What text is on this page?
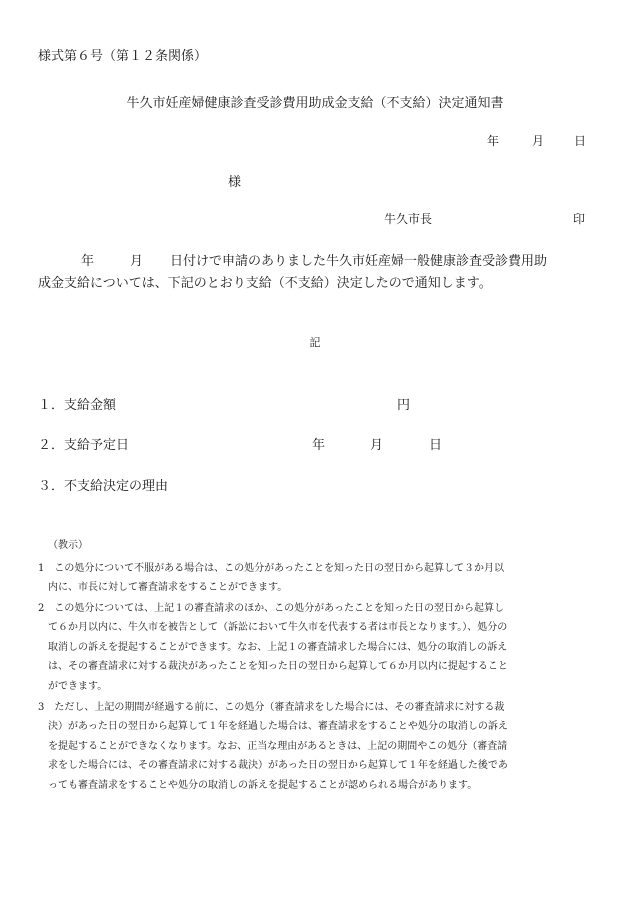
様式第６号（第１２条関係）
牛久市妊産婦健康診査受診費用助成金支給（不支給）決定通知書
年	月 日
様
牛久市長	印
年	月 日付けで申請のありました牛久市妊産婦一般健康診査受診費用助
成金支給については、下記のとおり支給（不支給）決定したので通知します。
記
１．支給金額	円
２．支給予定日	年	月	日
３．不支給決定の理由
（教示）
1　この処分について不服がある場合は、この処分があったことを知った日の翌日から起算して３か月以
内に、市長に対して審査請求をすることができます。
2　この処分については、上記１の審査請求のほか、この処分があったことを知った日の翌日から起算し
て６か月以内に、牛久市を被告として（訴訟において牛久市を代表する者は市長となります。）、処分の
取消しの訴えを提起することができます。なお、上記１の審査請求した場合には、処分の取消しの訴え
は、その審査請求に対する裁決があったことを知った日の翌日から起算して６か月以内に提起すること
ができます。
3　ただし、上記の期間が経過する前に、この処分（審査請求をした場合には、その審査請求に対する裁
決）があった日の翌日から起算して１年を経過した場合は、審査請求をすることや処分の取消しの訴え
を提起することができなくなります。なお、正当な理由があるときは、上記の期間やこの処分（審査請
求をした場合には、その審査請求に対する裁決）があった日の翌日から起算して１年を経過した後であ
っても審査請求をすることや処分の取消しの訴えを提起することが認められる場合があります。
